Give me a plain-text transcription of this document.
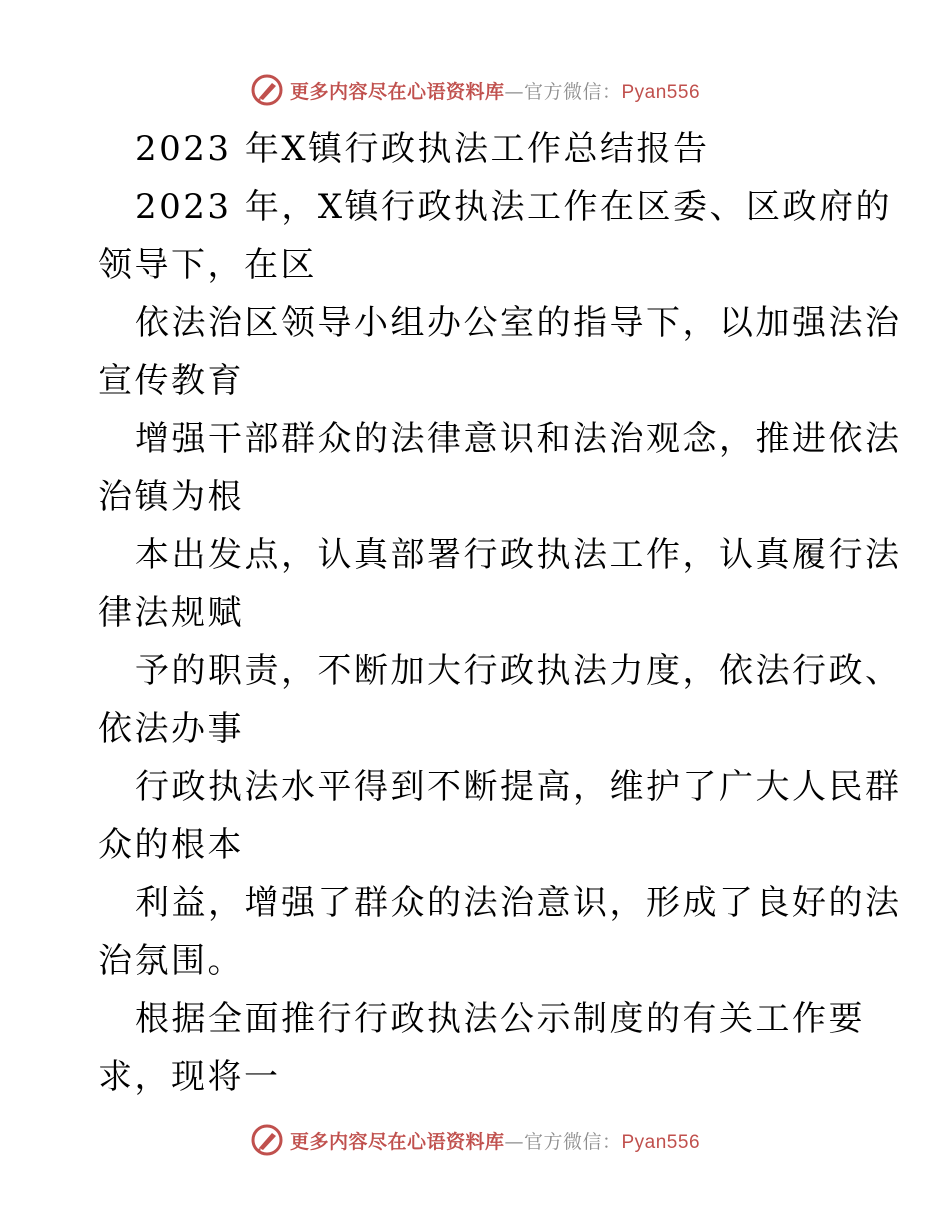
更多内容尽在心语资料库—官方微信：Pyan556
2023 年X镇行政执法工作总结报告
2023 年，X镇行政执法工作在区委、区政府的
领导下，在区
依法治区领导小组办公室的指导下，以加强法治
宣传教育
增强干部群众的法律意识和法治观念，推进依法
治镇为根
本出发点，认真部署行政执法工作，认真履行法
律法规赋
予的职责，不断加大行政执法力度，依法行政、
依法办事
行政执法水平得到不断提高，维护了广大人民群
众的根本
利益，增强了群众的法治意识，形成了良好的法
治氛围。
根据全面推行行政执法公示制度的有关工作要
求，现将一
更多内容尽在心语资料库—官方微信：Pyan556
